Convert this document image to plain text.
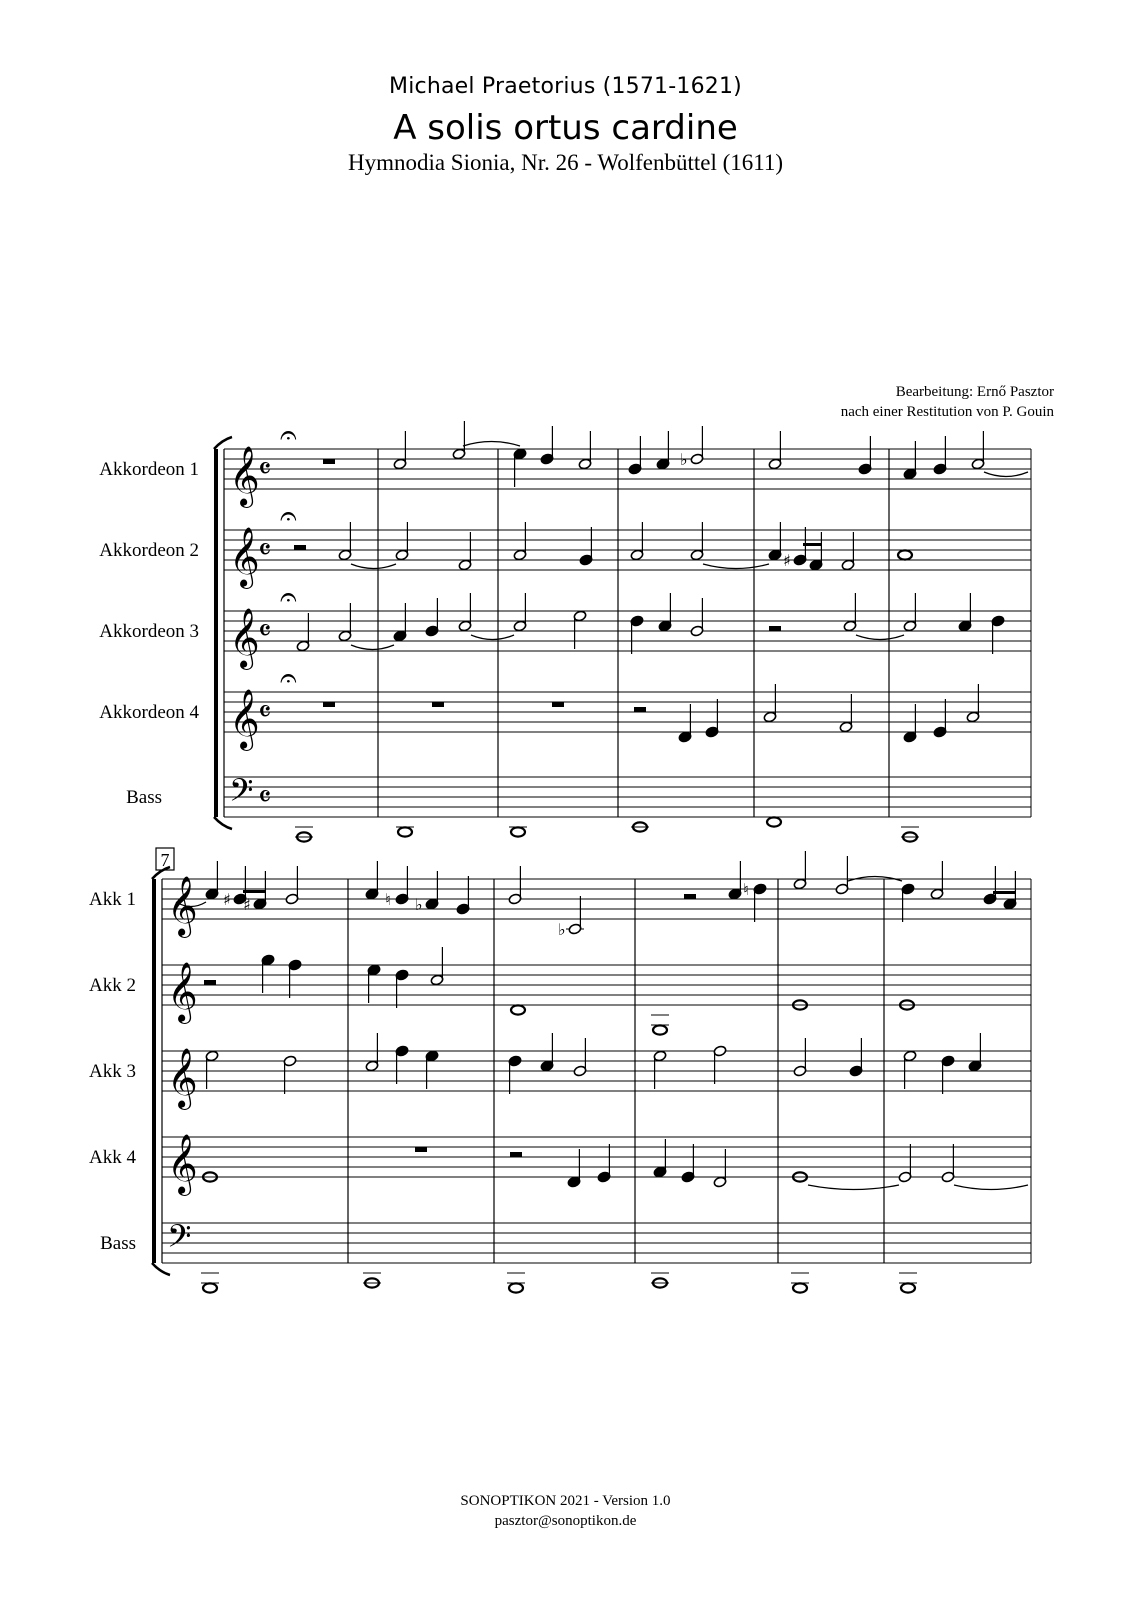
Michael Praetorius (1571-1621)
A solis ortus cardine
Hymnodia Sionia, Nr. 26 - Wolfenbüttel (1611)
Bearbeitung: Ernő Pasztor
nach einer Restitution von P. Gouin
Akkordeon 1 𝄞
𝄴
Akkordeon 2 𝄞
𝄴
Akkordeon 3 𝄞
𝄴
Akkordeon 4 𝄞
𝄴
Bass 𝄢 𝄴
𝄐
𝄐
𝄐
𝄐
♭
♯
Akk 1 𝄞
Akk 2 𝄞
Akk 3 𝄞
Akk 4 𝄞
Bass 𝄢
7
♯ ♯	♮ ♭
♭
♮
SONOPTIKON 2021 - Version 1.0
pasztor@sonoptikon.de
